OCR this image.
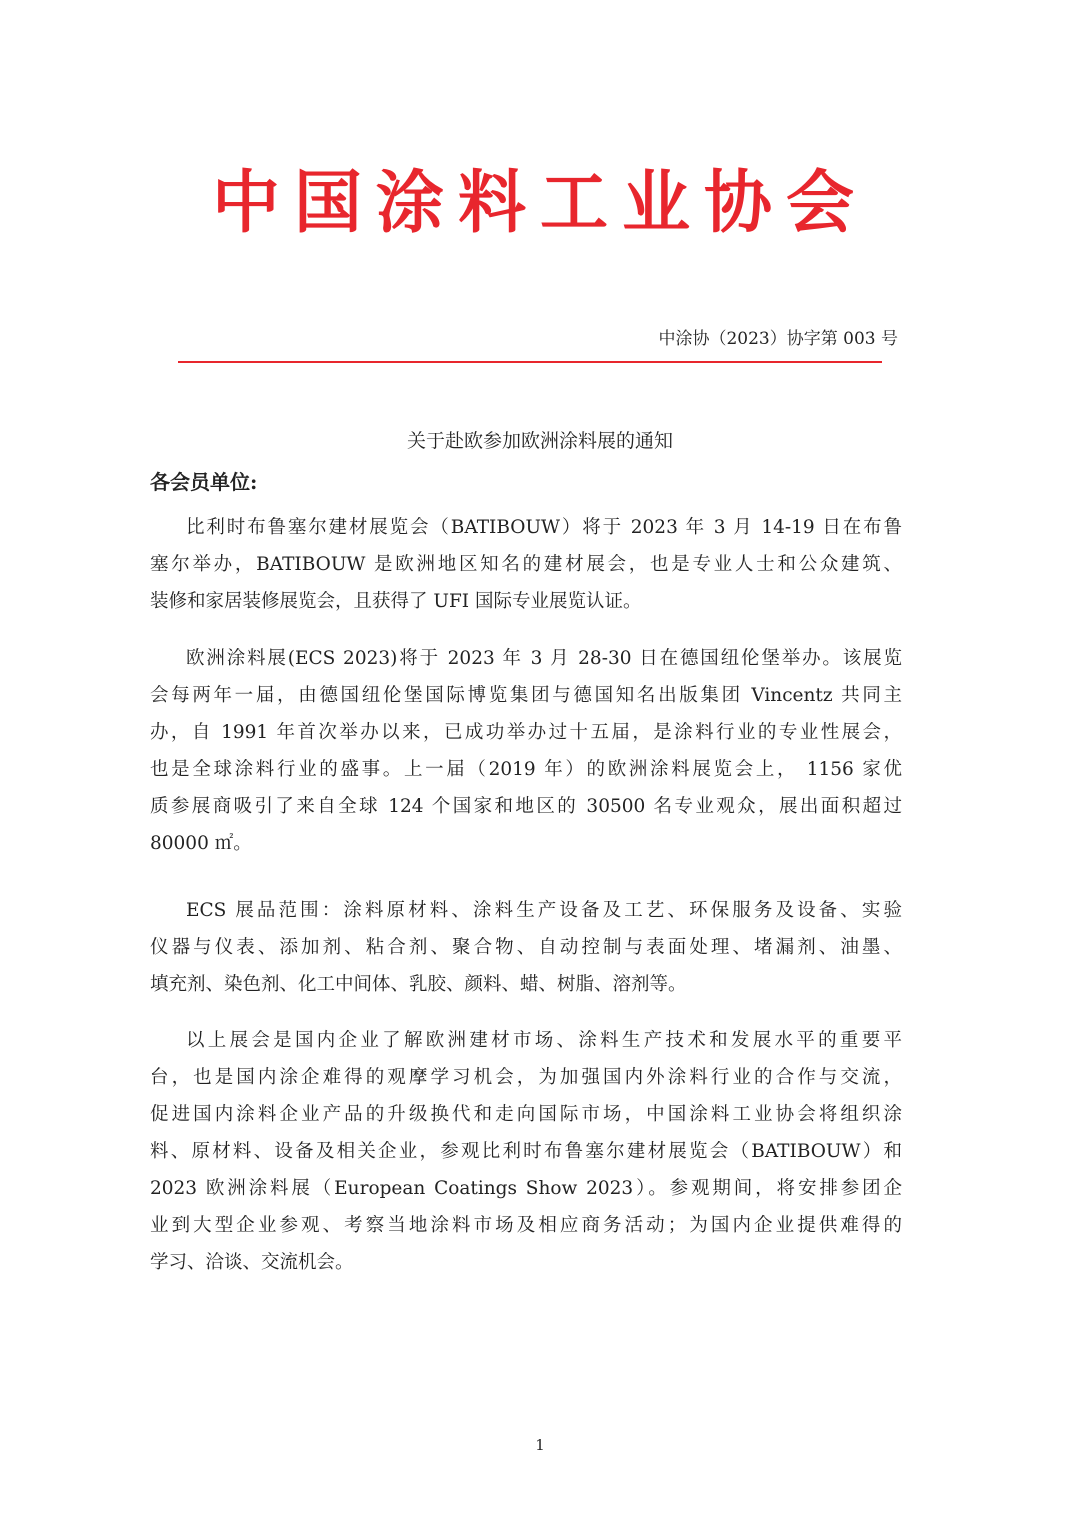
中国涂料工业协会
中涂协（2023）协字第 003 号
关于赴欧参加欧洲涂料展的通知
各会员单位:
比利时布鲁塞尔建材展览会（BATIBOUW）将于 2023 年 3 月 14-19 日在布鲁
塞尔举办，BATIBOUW 是欧洲地区知名的建材展会，也是专业人士和公众建筑、
装修和家居装修展览会，且获得了 UFI 国际专业展览认证。
欧洲涂料展(ECS 2023)将于 2023 年 3 月 28-30 日在德国纽伦堡举办。该展览
会每两年一届，由德国纽伦堡国际博览集团与德国知名出版集团 Vincentz 共同主
办，自 1991 年首次举办以来，已成功举办过十五届，是涂料行业的专业性展会，
也是全球涂料行业的盛事。上一届（2019 年）的欧洲涂料展览会上， 1156 家优
质参展商吸引了来自全球 124 个国家和地区的 30500 名专业观众，展出面积超过
80000 ㎡。
ECS 展品范围：涂料原材料、涂料生产设备及工艺、环保服务及设备、实验
仪器与仪表、添加剂、粘合剂、聚合物、自动控制与表面处理、堵漏剂、油墨、
填充剂、染色剂、化工中间体、乳胶、颜料、蜡、树脂、溶剂等。
以上展会是国内企业了解欧洲建材市场、涂料生产技术和发展水平的重要平
台，也是国内涂企难得的观摩学习机会，为加强国内外涂料行业的合作与交流，
促进国内涂料企业产品的升级换代和走向国际市场，中国涂料工业协会将组织涂
料、原材料、设备及相关企业，参观比利时布鲁塞尔建材展览会（BATIBOUW）和
2023 欧洲涂料展（European Coatings Show 2023）。参观期间，将安排参团企
业到大型企业参观、考察当地涂料市场及相应商务活动；为国内企业提供难得的
学习、洽谈、交流机会。
1
